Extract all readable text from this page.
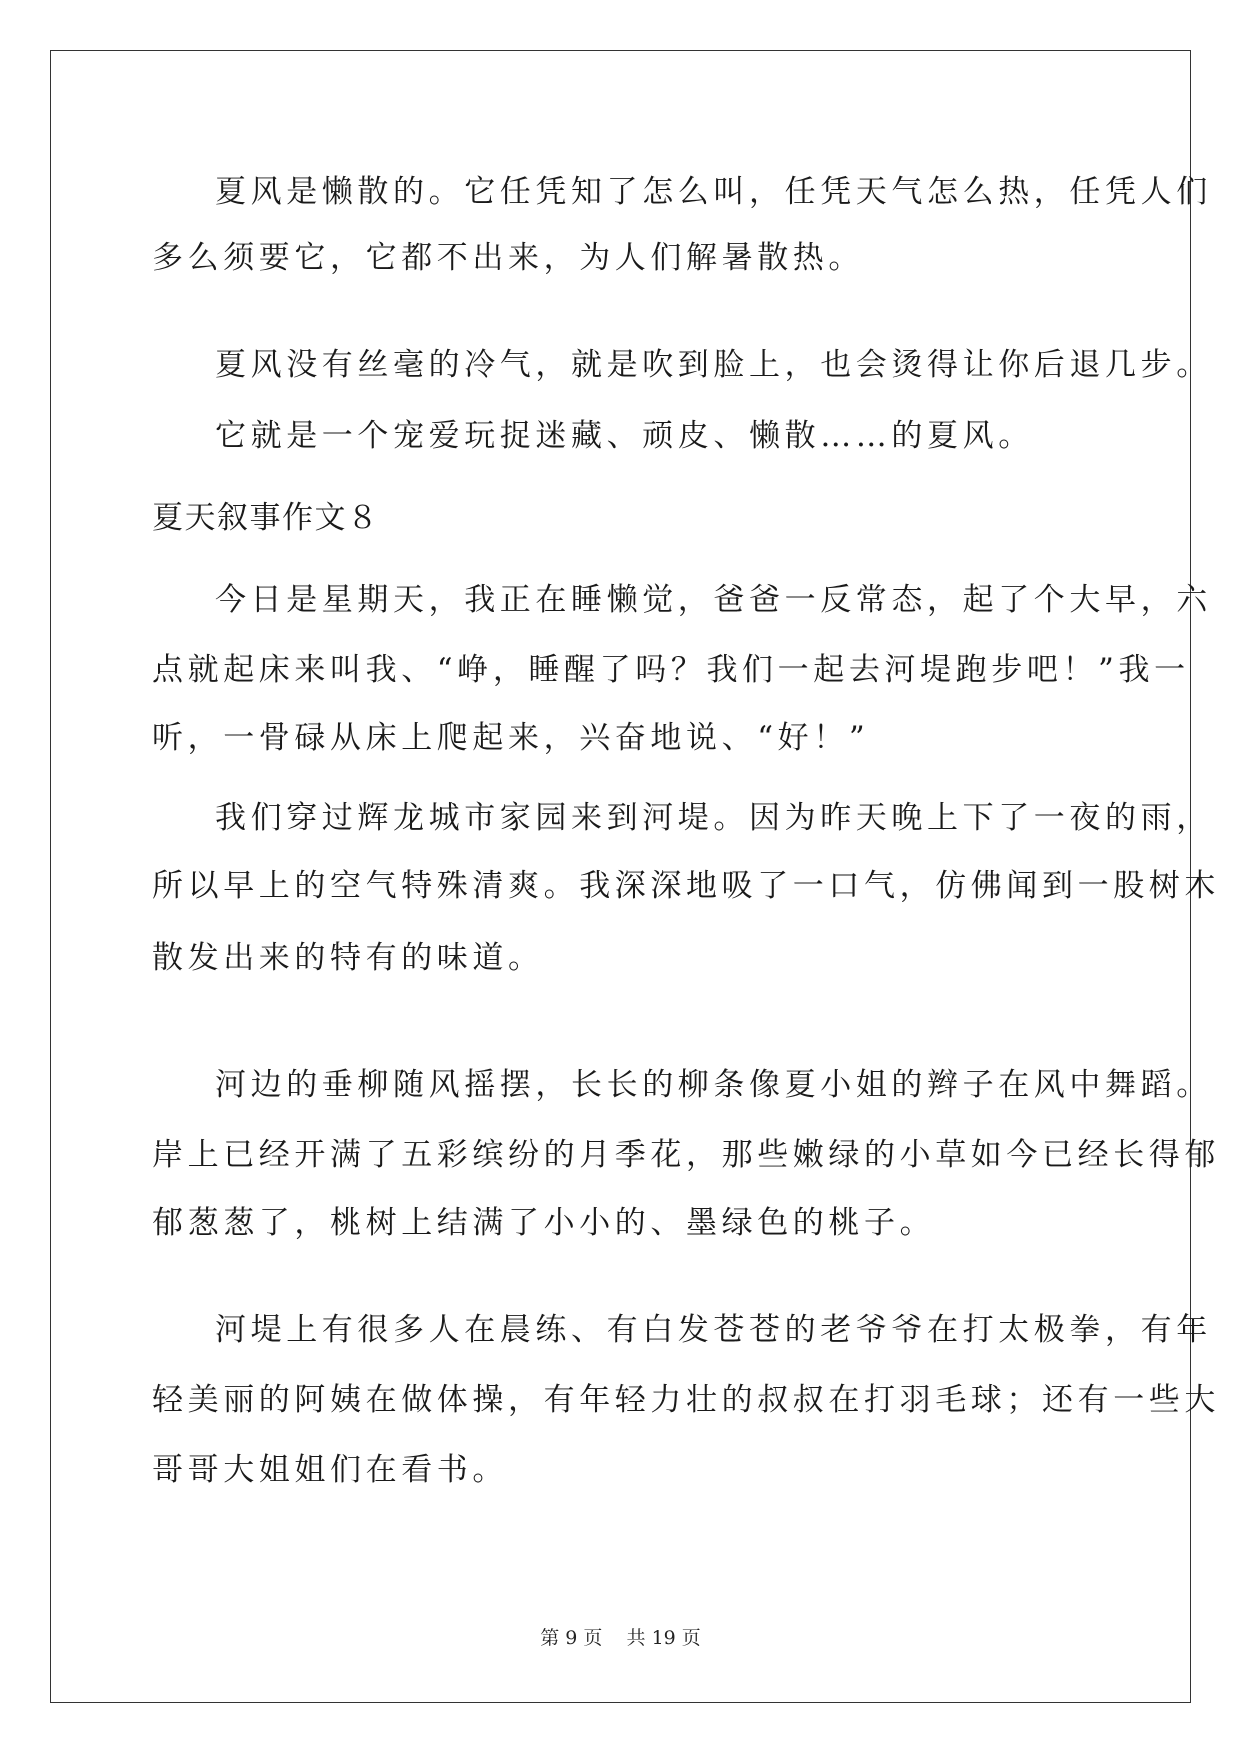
夏风是懒散的。它任凭知了怎么叫，任凭天气怎么热，任凭人们
多么须要它，它都不出来，为人们解暑散热。
夏风没有丝毫的冷气，就是吹到脸上，也会烫得让你后退几步。
它就是一个宠爱玩捉迷藏、顽皮、懒散……的夏风。
夏天叙事作文８
今日是星期天，我正在睡懒觉，爸爸一反常态，起了个大早，六
点就起床来叫我、“峥，睡醒了吗？我们一起去河堤跑步吧！”我一
听，一骨碌从床上爬起来，兴奋地说、“好！”
我们穿过辉龙城市家园来到河堤。因为昨天晚上下了一夜的雨，
所以早上的空气特殊清爽。我深深地吸了一口气，仿佛闻到一股树木
散发出来的特有的味道。
河边的垂柳随风摇摆，长长的柳条像夏小姐的辫子在风中舞蹈。
岸上已经开满了五彩缤纷的月季花，那些嫩绿的小草如今已经长得郁
郁葱葱了，桃树上结满了小小的、墨绿色的桃子。
河堤上有很多人在晨练、有白发苍苍的老爷爷在打太极拳，有年
轻美丽的阿姨在做体操，有年轻力壮的叔叔在打羽毛球；还有一些大
哥哥大姐姐们在看书。
第 9 页    共 19 页
